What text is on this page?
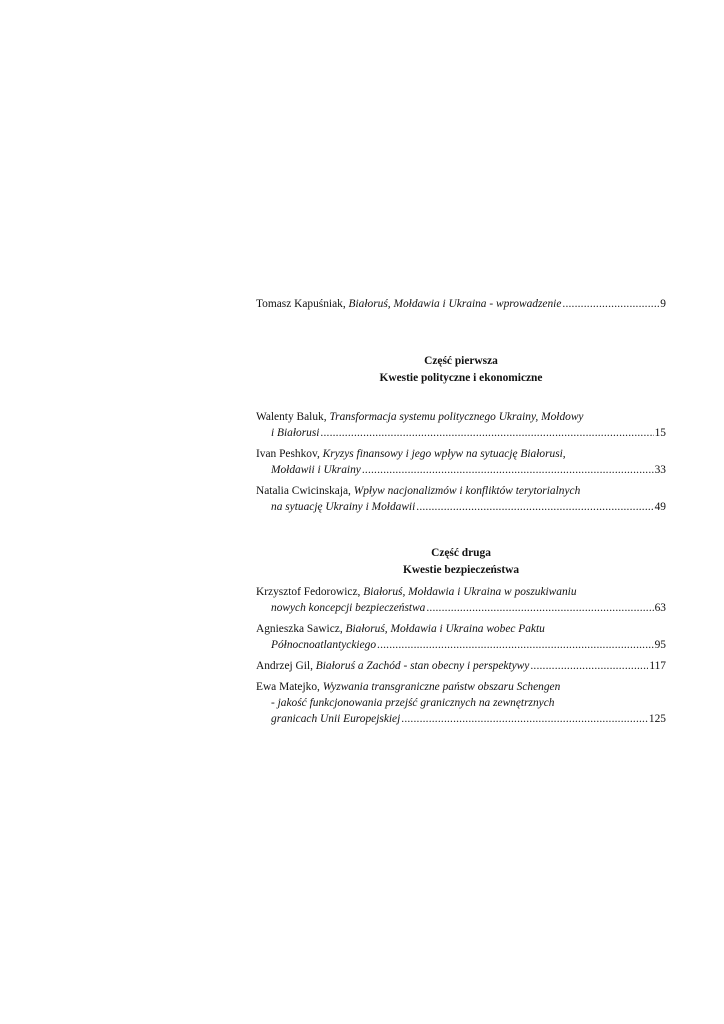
Tomasz Kapuśniak,
Białoruś, Mołdawia i Ukraina - wprowadzenie .....	9
Część pierwsza
Kwestie polityczne i ekonomiczne
Walenty Baluk,
Transformacja systemu politycznego Ukrainy, Mołdowy
i Białorusi .....	15
Ivan Peshkov,
Kryzys finansowy i jego wpływ na sytuację Białorusi,
Mołdawii i Ukrainy .....	33
Natalia Cwicinskaja,
Wpływ nacjonalizmów i konfliktów terytorialnych
na sytuację Ukrainy i Mołdawii .....	49
Część druga
Kwestie bezpieczeństwa
Krzysztof Fedorowicz,
Białoruś, Mołdawia i Ukraina w poszukiwaniu
nowych koncepcji bezpieczeństwa .....	63
Agnieszka Sawicz,
Białoruś, Mołdawia i Ukraina wobec Paktu
Północnoatlantyckiego .....	95
Andrzej Gil,
Białoruś a Zachód - stan obecny i perspektywy .....	117
Ewa Matejko,
Wyzwania transgraniczne państw obszaru Schengen
- jakość funkcjonowania przejść granicznych na zewnętrznych
granicach Unii Europejskiej .....	125
